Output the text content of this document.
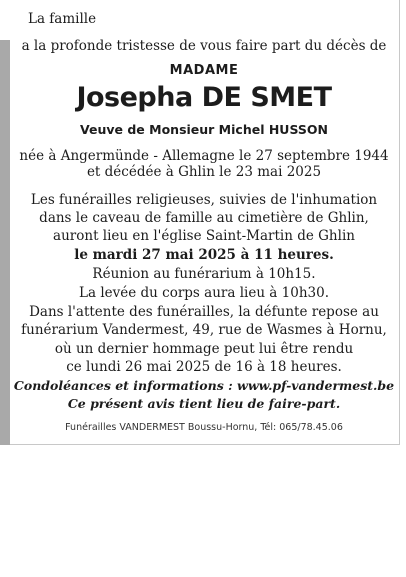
La famille
a la profonde tristesse de vous faire part du décès de
MADAME
Josepha DE SMET
Veuve de Monsieur Michel HUSSON
née à Angermünde - Allemagne le 27 septembre 1944
et décédée à Ghlin le 23 mai 2025
Les funérailles religieuses, suivies de l'inhumation
dans le caveau de famille au cimetière de Ghlin,
auront lieu en l'église Saint-Martin de Ghlin
le mardi 27 mai 2025 à 11 heures.
Réunion au funérarium à 10h15.
La levée du corps aura lieu à 10h30.
Dans l'attente des funérailles, la défunte repose au
funérarium Vandermest, 49, rue de Wasmes à Hornu,
où un dernier hommage peut lui être rendu
ce lundi 26 mai 2025 de 16 à 18 heures.
Condoléances et informations : www.pf-vandermest.be
Ce présent avis tient lieu de faire-part.
Funérailles VANDERMEST Boussu-Hornu, Tél: 065/78.45.06
